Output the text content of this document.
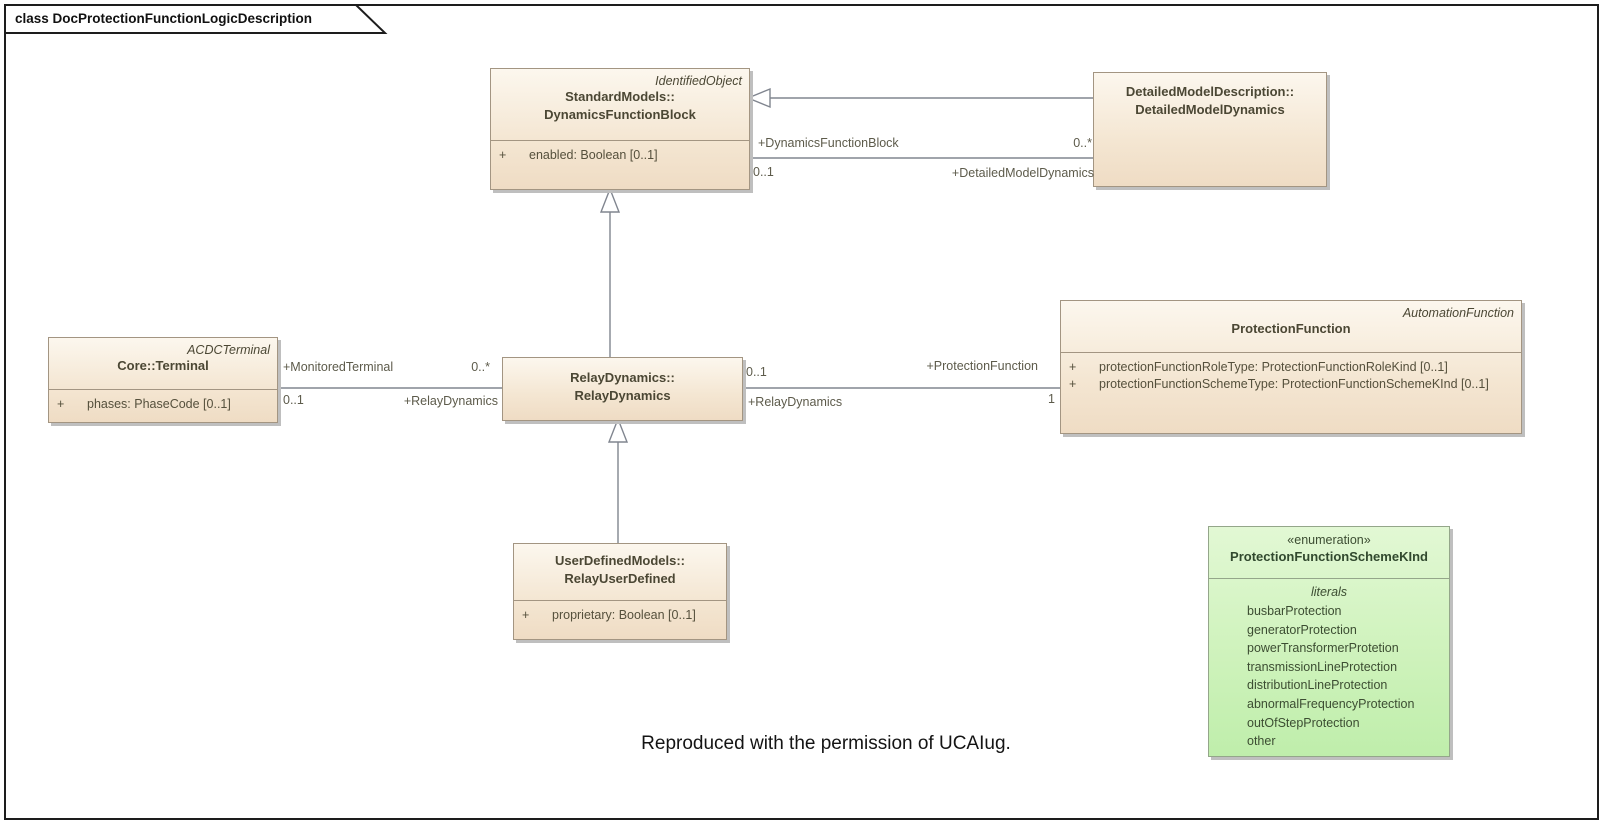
class DocProtectionFunctionLogicDescription
IdentifiedObject
StandardModels::
DynamicsFunctionBlock
+ enabled: Boolean [0..1]
DetailedModelDescription::
DetailedModelDynamics
ACDCTerminal
Core::Terminal
+ phases: PhaseCode [0..1]
RelayDynamics::
RelayDynamics
AutomationFunction
ProtectionFunction
+ protectionFunctionRoleType: ProtectionFunctionRoleKind [0..1]
+ protectionFunctionSchemeType: ProtectionFunctionSchemeKInd [0..1]
UserDefinedModels::
RelayUserDefined
+ proprietary: Boolean [0..1]
«enumeration»
ProtectionFunctionSchemeKInd
literals
busbarProtection
generatorProtection
powerTransformerProtetion
transmissionLineProtection
distributionLineProtection
abnormalFrequencyProtection
outOfStepProtection
other
+DynamicsFunctionBlock	0..*
0..1	+DetailedModelDynamics
+MonitoredTerminal	0..*
0..1	+RelayDynamics
0..1	+ProtectionFunction
+RelayDynamics	1
Reproduced with the permission of UCAIug.
